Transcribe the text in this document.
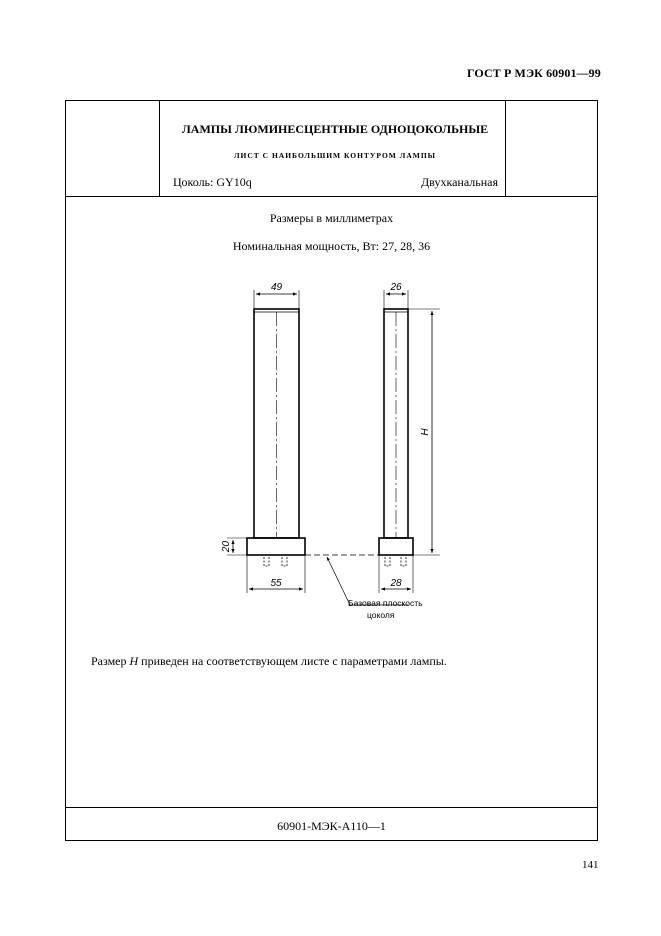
ГОСТ Р МЭК 60901—99
ЛАМПЫ ЛЮМИНЕСЦЕНТНЫЕ ОДНОЦОКОЛЬНЫЕ
ЛИСТ С НАИБОЛЬШИМ КОНТУРОМ ЛАМПЫ
Цоколь: GY10q	Двухканальная
Размеры в миллиметрах
Номинальная мощность, Вт: 27, 28, 36
49	26
55	28
20
H
Базовая плоскость
цоколя
Размер H приведен на соответствующем листе с параметрами лампы.
60901-МЭК-А110—1
141
